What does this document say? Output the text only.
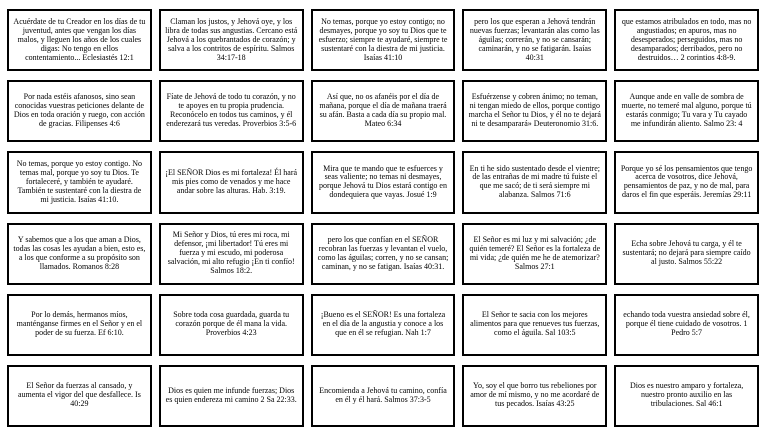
Acuérdate de tu Creador en los días de tu juventud, antes que vengan los días malos, y lleguen los años de los cuales digas: No tengo en ellos contentamiento... Eclesiastés 12:1
Claman los justos, y Jehová oye, y los libra de todas sus angustias. Cercano está Jehová a los quebrantados de corazón; y salva a los contritos de espíritu. Salmos 34:17-18
No temas, porque yo estoy contigo; no desmayes, porque yo soy tu Dios que te esfuerzo; siempre te ayudaré, siempre te sustentaré con la diestra de mi justicia. Isaías 41:10
pero los que esperan a Jehová tendrán nuevas fuerzas; levantarán alas como las águilas; correrán, y no se cansarán; caminarán, y no se fatigarán. Isaías 40:31
que estamos atribulados en todo, mas no angustiados; en apuros, mas no desesperados; perseguidos, mas no desamparados; derribados, pero no destruidos… 2 corintios 4:8-9.
Por nada estéis afanosos, sino sean conocidas vuestras peticiones delante de Dios en toda oración y ruego, con acción de gracias. Filipenses 4:6
Fíate de Jehová de todo tu corazón, y no te apoyes en tu propia prudencia. Reconócelo en todos tus caminos, y él enderezará tus veredas. Proverbios 3:5-6
Así que, no os afanéis por el día de mañana, porque el día de mañana traerá su afán. Basta a cada día su propio mal. Mateo 6:34
Esfuérzense y cobren ánimo; no teman, ni tengan miedo de ellos, porque contigo marcha el Señor tu Dios, y él no te dejará ni te desamparará» Deuteronomio 31:6.
Aunque ande en valle de sombra de muerte, no temeré mal alguno, porque tú estarás conmigo; Tu vara y Tu cayado me infundirán aliento. Salmo 23: 4
No temas, porque yo estoy contigo. No temas mal, porque yo soy tu Dios. Te fortaleceré, y también te ayudaré. También te sustentaré con la diestra de mi justicia. Isaías 41:10.
¡El SEÑOR Dios es mi fortaleza! Él hará mis pies como de venados y me hace andar sobre las alturas. Hab. 3:19.
Mira que te mando que te esfuerces y seas valiente; no temas ni desmayes, porque Jehová tu Dios estará contigo en dondequiera que vayas. Josué 1:9
En ti he sido sustentado desde el vientre; de las entrañas de mi madre tú fuiste el que me sacó; de ti será siempre mi alabanza. Salmos 71:6
Porque yo sé los pensamientos que tengo acerca de vosotros, dice Jehová, pensamientos de paz, y no de mal, para daros el fin que esperáis. Jeremías 29:11
Y sabemos que a los que aman a Dios, todas las cosas les ayudan a bien, esto es, a los que conforme a su propósito son llamados. Romanos 8:28
Mi Señor y Dios, tú eres mi roca, mi defensor, ¡mi libertador! Tú eres mi fuerza y mi escudo, mi poderosa salvación, mi alto refugio ¡En ti confío! Salmos 18:2.
pero los que confían en el SEÑOR recobran las fuerzas y levantan el vuelo, como las águilas; corren, y no se cansan; caminan, y no se fatigan. Isaías 40:31.
El Señor es mi luz y mi salvación; ¿de quién temeré? El Señor es la fortaleza de mi vida; ¿de quién me he de atemorizar? Salmos 27:1
Echa sobre Jehová tu carga, y él te sustentará; no dejará para siempre caído al justo. Salmos 55:22
Por lo demás, hermanos míos, manténganse firmes en el Señor y en el poder de su fuerza. Ef 6:10.
Sobre toda cosa guardada, guarda tu corazón porque de él mana la vida. Proverbios 4:23
¡Bueno es el SEÑOR! Es una fortaleza en el día de la angustia y conoce a los que en él se refugian. Nah 1:7
El Señor te sacia con los mejores alimentos para que renueves tus fuerzas, como el águila. Sal 103:5
echando toda vuestra ansiedad sobre él, porque él tiene cuidado de vosotros. 1 Pedro 5:7
El Señor da fuerzas al cansado, y aumenta el vigor del que desfallece. Is 40:29
Dios es quien me infunde fuerzas; Dios es quien endereza mi camino 2 Sa 22:33.
Encomienda a Jehová tu camino, confía en él y él hará. Salmos 37:3-5
Yo, soy el que borro tus rebeliones por amor de mí mismo, y no me acordaré de tus pecados. Isaías 43:25
Dios es nuestro amparo y fortaleza, nuestro pronto auxilio en las tribulaciones. Sal 46:1
